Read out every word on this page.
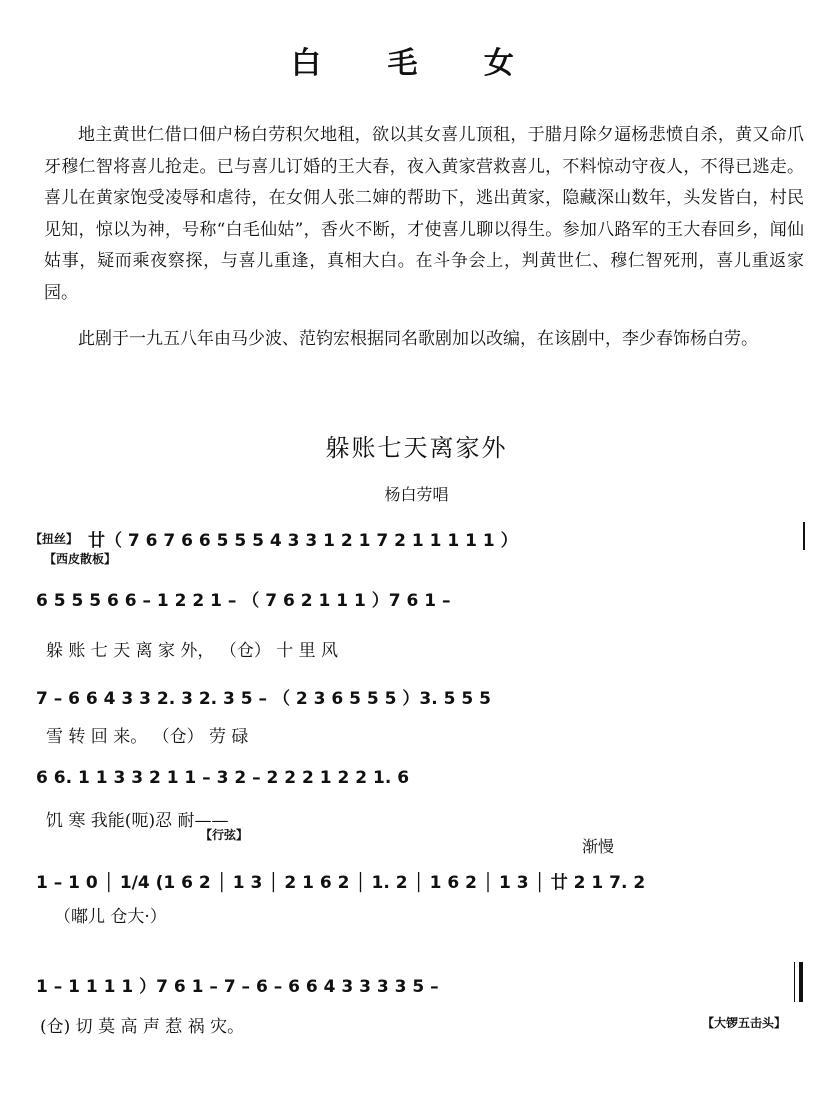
白 毛 女
地主黄世仁借口佃户杨白劳积欠地租，欲以其女喜儿顶租，于腊月除夕逼杨悲愤自杀，黄又命爪牙穆仁智将喜儿抢走。已与喜儿订婚的王大春，夜入黄家营救喜儿，不料惊动守夜人，不得已逃走。喜儿在黄家饱受凌辱和虐待，在女佣人张二婶的帮助下，逃出黄家，隐藏深山数年，头发皆白，村民见知，惊以为神，号称“白毛仙姑”，香火不断，才使喜儿聊以得生。参加八路军的王大春回乡，闻仙姑事，疑而乘夜察探，与喜儿重逢，真相大白。在斗争会上，判黄世仁、穆仁智死刑，喜儿重返家园。
此剧于一九五八年由马少波、范钧宏根据同名歌剧加以改编，在该剧中，李少春饰杨白劳。
躲账七天离家外
杨白劳唱
【扭丝】 廿（ 7 6 7 6 6 5 5 5 4 3 3 1 2 1 7 2 1 1 1 1 1 ）
【西皮散板】
6 5 5 5 6 6 – 1 2 2 1 – （ 7 6 2 1 1 1 ）7 6 1 –
躲 账 七 天 离 家 外， （仓） 十 里 风
7 – 6 6 4 3 3 2. 3 2. 3 5 – （ 2 3 6 5 5 5 ）3. 5 5 5
雪 转 回 来。 （仓） 劳 碌
6 6. 1 1 3 3 2 1 1 – 3 2 – 2 2 2 1 2 2 1. 6
饥 寒 我能(呃)忍 耐——
【行弦】
渐慢
1 – 1 0 │ 1/4 (1 6 2 │ 1 3 │ 2 1 6 2 │ 1. 2 │ 1 6 2 │ 1 3 │ 廿 2 1 7. 2
（嘟儿 仓大·）
1 – 1 1 1 1 ）7 6 1 – 7 – 6 – 6 6 4 3 3 3 3 5 –
(仓) 切 莫 高 声 惹 祸 灾。	【大锣五击头】
